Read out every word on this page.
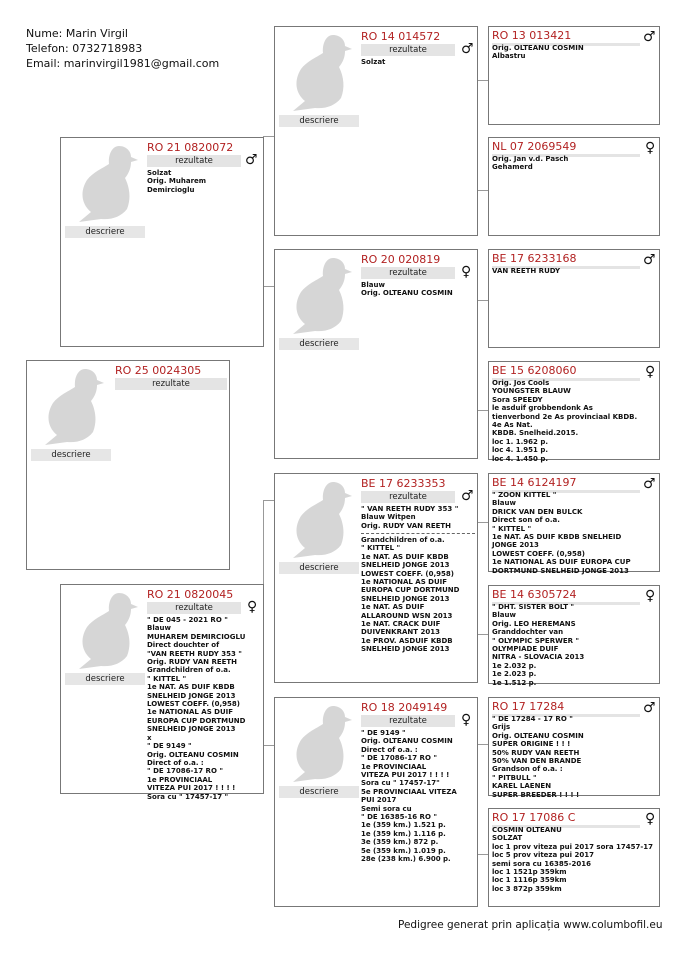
Nume: Marin Virgil
Telefon: 0732718983
Email: marinvirgil1981@gmail.com
descriere
RO 25 0024305
rezultate
descriere
RO 21 0820072
rezultate	♂
Solzat
Orig. Muharem
Demircioglu
descriere
RO 21 0820045
rezultate	♀
" DE 045 - 2021 RO "
Blauw
MUHAREM DEMIRCIOGLU
Direct douchter of
"VAN REETH RUDY 353 "
Orig. RUDY VAN REETH
Grandchildren of o.a.
" KITTEL "
1e NAT. AS DUIF KBDB
SNELHEID JONGE 2013
LOWEST COEFF. (0,958)
1e NATIONAL AS DUIF
EUROPA CUP DORTMUND
SNELHEID JONGE 2013
x
" DE 9149 "
Orig. OLTEANU COSMIN
Direct of o.a. :
" DE 17086-17 RO "
1e PROVINCIAAL
VITEZA PUI 2017 ! ! ! !
Sora cu " 17457-17 "
descriere
RO 14 014572
rezultate	♂
Solzat
descriere
RO 20 020819
rezultate	♀
Blauw
Orig. OLTEANU COSMIN
descriere
BE 17 6233353
rezultate	♂
" VAN REETH RUDY 353 "
Blauw Witpen
Orig. RUDY VAN REETH
Grandchildren of o.a.
" KITTEL "
1e NAT. AS DUIF KBDB
SNELHEID JONGE 2013
LOWEST COEFF. (0,958)
1e NATIONAL AS DUIF
EUROPA CUP DORTMUND
SNELHEID JONGE 2013
1e NAT. AS DUIF
ALLAROUND WSN 2013
1e NAT. CRACK DUIF
DUIVENKRANT 2013
1e PROV. ASDUIF KBDB
SNELHEID JONGE 2013
descriere
RO 18 2049149
rezultate	♀
" DE 9149 "
Orig. OLTEANU COSMIN
Direct of o.a. :
" DE 17086-17 RO "
1e PROVINCIAAL
VITEZA PUI 2017 ! ! ! !
Sora cu " 17457-17"
5e PROVINCIAAL VITEZA
PUI 2017
Semi sora cu
" DE 16385-16 RO "
1e (359 km.) 1.521 p.
1e (359 km.) 1.116 p.
3e (359 km.) 872 p.
5e (359 km.) 1.019 p.
28e (238 km.) 6.900 p.
RO 13 013421	♂
Orig. OLTEANU COSMIN
Albastru
NL 07 2069549	♀
Orig. Jan v.d. Pasch
Gehamerd
BE 17 6233168	♂
VAN REETH RUDY
BE 15 6208060	♀
Orig. Jos Cools
YOUNGSTER BLAUW
Sora SPEEDY
le asduif grobbendonk As
tienverbond 2e As provinciaal KBDB.
4e As Nat.
KBDB. Snelheid.2015.
loc 1. 1.962 p.
loc 4. 1.951 p.
loc 4. 1.450 p.
BE 14 6124197	♂
" ZOON KITTEL "
Blauw
DRICK VAN DEN BULCK
Direct son of o.a.
" KITTEL "
1e NAT. AS DUIF KBDB SNELHEID
JONGE 2013
LOWEST COEFF. (0,958)
1e NATIONAL AS DUIF EUROPA CUP
DORTMUND SNELHEID JONGE 2013
BE 14 6305724	♀
" DHT. SISTER BOLT "
Blauw
Orig. LEO HEREMANS
Granddochter van
" OLYMPIC SPERWER "
OLYMPIADE DUIF
NITRA - SLOVACIA 2013
1e 2.032 p.
1e 2.023 p.
1e 1.512 p.
RO 17 17284	♂
" DE 17284 - 17 RO "
Grijs
Orig. OLTEANU COSMIN
SUPER ORIGINE ! ! !
50% RUDY VAN REETH
50% VAN DEN BRANDE
Grandson of o.a. :
" PITBULL "
KAREL LAENEN
SUPER BREEDER ! ! ! !
RO 17 17086 C	♀
COSMIN OLTEANU
SOLZAT
loc 1 prov viteza pui 2017 sora 17457-17
loc 5 prov viteza pui 2017
semi sora cu 16385-2016
loc 1 1521p 359km
loc 1 1116p 359km
loc 3 872p 359km
Pedigree generat prin aplicația www.columbofil.eu
